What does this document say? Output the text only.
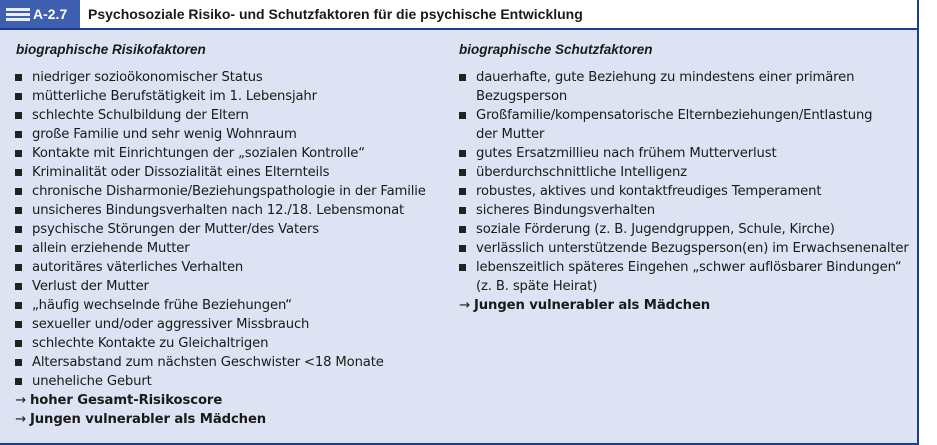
A-2.7	Psychosoziale Risiko- und Schutzfaktoren für die psychische Entwicklung
biographische Risikofaktoren
niedriger sozioökonomischer Status
mütterliche Berufstätigkeit im 1. Lebensjahr
schlechte Schulbildung der Eltern
große Familie und sehr wenig Wohnraum
Kontakte mit Einrichtungen der „sozialen Kontrolle“
Kriminalität oder Dissozialität eines Elternteils
chronische Disharmonie/Beziehungspathologie in der Familie
unsicheres Bindungsverhalten nach 12./18. Lebensmonat
psychische Störungen der Mutter/des Vaters
allein erziehende Mutter
autoritäres väterliches Verhalten
Verlust der Mutter
„häufig wechselnde frühe Beziehungen“
sexueller und/oder aggressiver Missbrauch
schlechte Kontakte zu Gleichaltrigen
Altersabstand zum nächsten Geschwister <18 Monate
uneheliche Geburt
→ hoher Gesamt-Risikoscore
→ Jungen vulnerabler als Mädchen
biographische Schutzfaktoren
dauerhafte, gute Beziehung zu mindestens einer primären
Bezugsperson
Großfamilie/kompensatorische Elternbeziehungen/Entlastung
der Mutter
gutes Ersatzmillieu nach frühem Mutterverlust
überdurchschnittliche Intelligenz
robustes, aktives und kontaktfreudiges Temperament
sicheres Bindungsverhalten
soziale Förderung (z. B. Jugendgruppen, Schule, Kirche)
verlässlich unterstützende Bezugsperson(en) im Erwachsenenalter
lebenszeitlich späteres Eingehen „schwer auflösbarer Bindungen“
(z. B. späte Heirat)
→ Jungen vulnerabler als Mädchen
